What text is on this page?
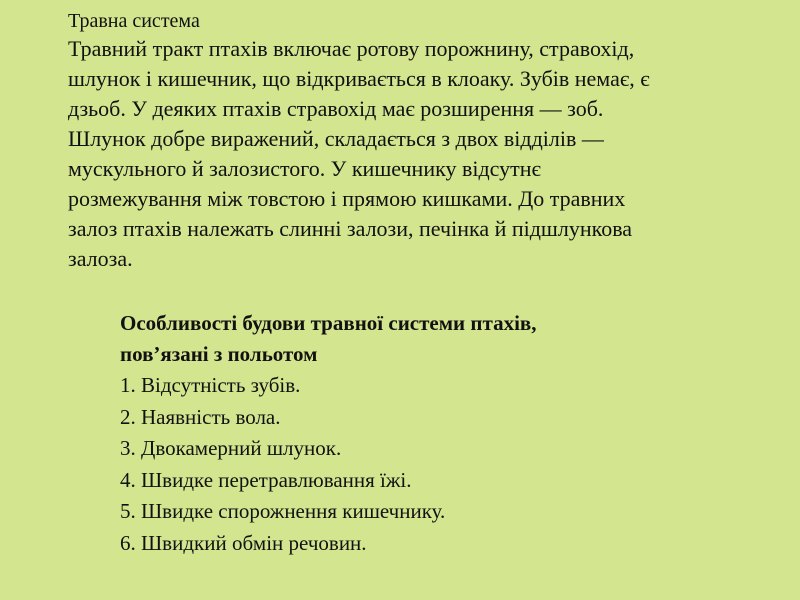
Травна система

Травний тракт птахів включає ротову порожнину, стравохід,
шлунок і кишечник, що відкривається в клоаку. Зубів немає, є
дзьоб. У деяких птахів стравохід має розширення — зоб.
Шлунок добре виражений, складається з двох відділів —
мускульного й залозистого. У кишечнику відсутнє
розмежування між товстою і прямою кишками. До травних
залоз птахів належать слинні залози, печінка й підшлункова
залоза.

Особливості будови травної системи птахів,
пов’язані з польотом

1. Відсутність зубів.
2. Наявність вола.
3. Двокамерний шлунок.
4. Швидке перетравлювання їжі.
5. Швидке спорожнення кишечнику.
6. Швидкий обмін речовин.
